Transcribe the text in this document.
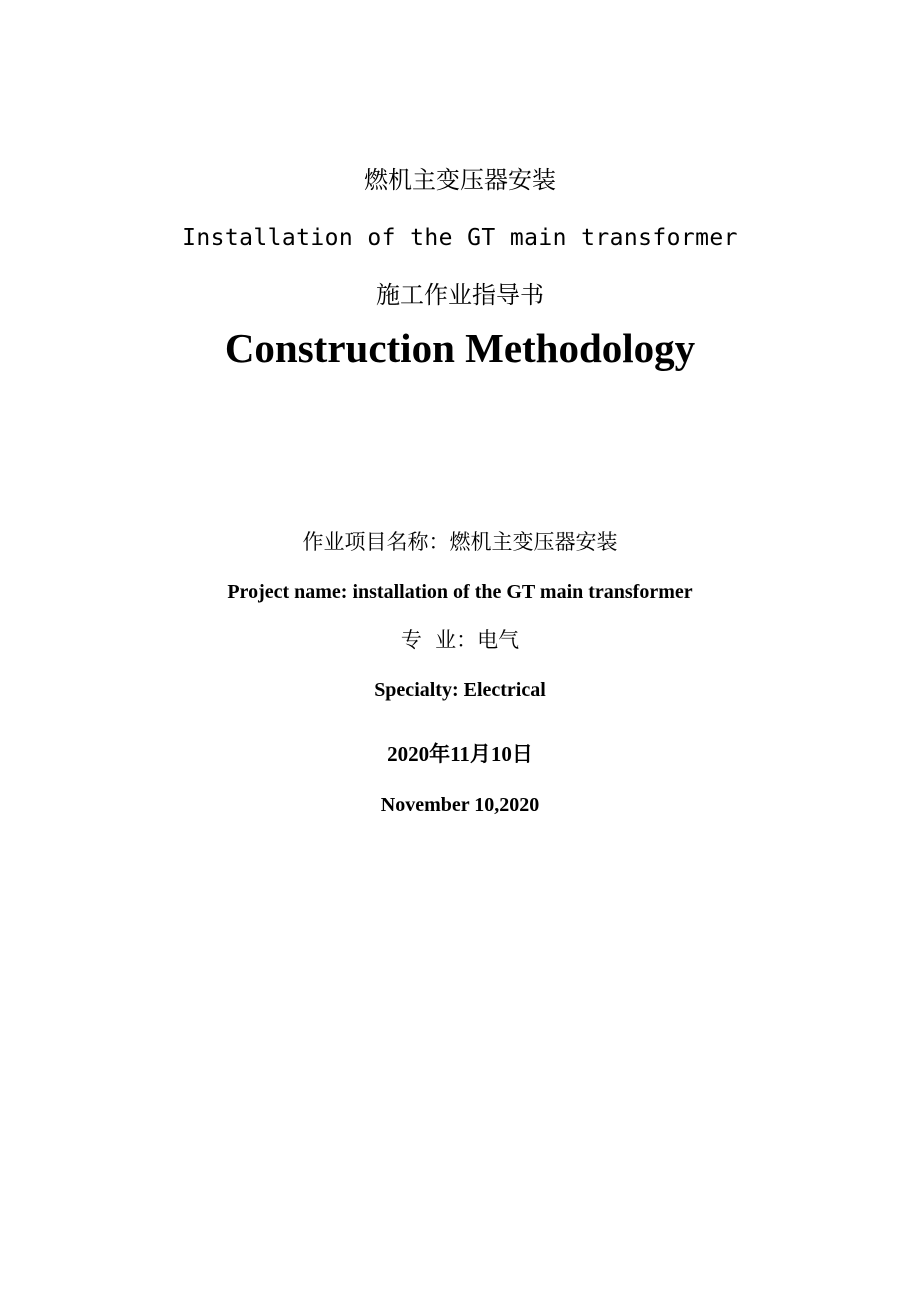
燃机主变压器安装
Installation of the GT main transformer
施工作业指导书
Construction Methodology
作业项目名称：燃机主变压器安装
Project name: installation of the GT main transformer
专  业：电气
Specialty: Electrical
2020年11月10日
November 10,2020
